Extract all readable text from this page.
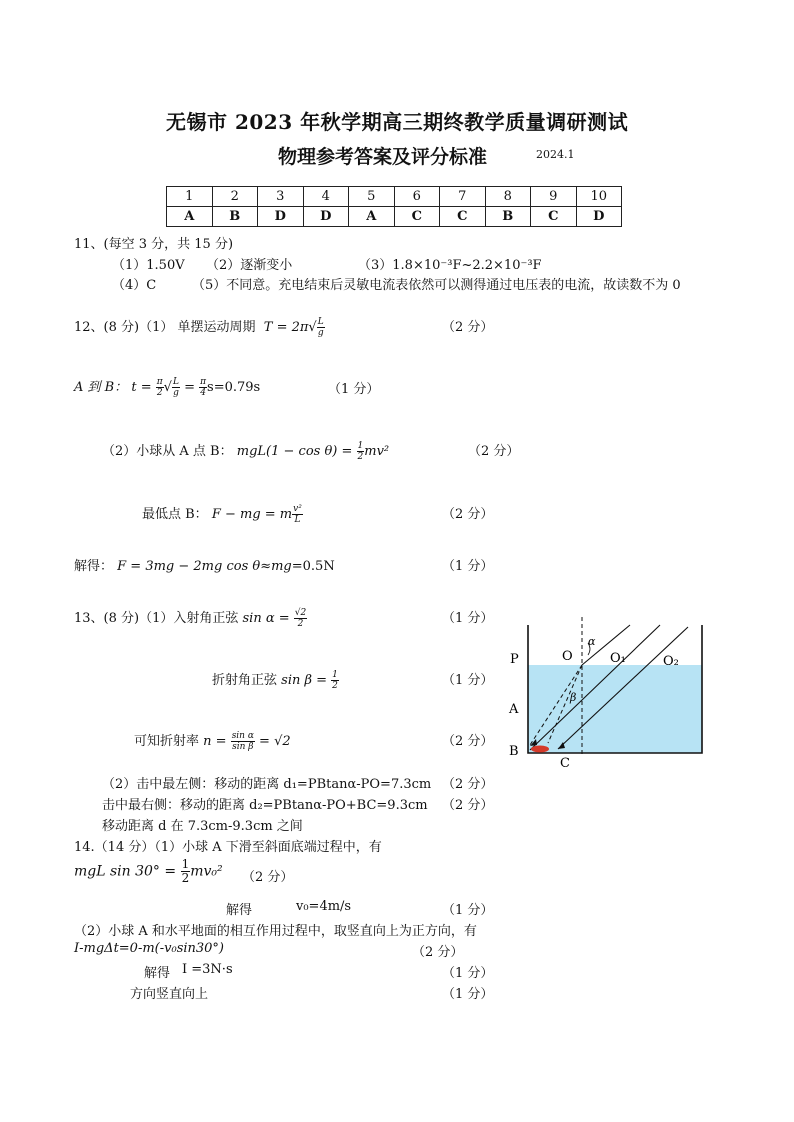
无锡市 2023 年秋学期高三期终教学质量调研测试
物理参考答案及评分标准	2024.1
1	2	3	4	5	6	7	8	9	10
A	B	D	D	A	C	C	B	C	D
11、(每空 3 分，共 15 分)
（1）1.50V （2）逐渐变小	（3）1.8×10⁻³F~2.2×10⁻³F
（4）C	（5）不同意。充电结束后灵敏电流表依然可以测得通过电压表的电流，故读数不为 0
12、(8 分)（1） 单摆运动周期  $T = 2\pi√ \frac{L}{g}$	（2 分）
A 到 B： $t = \frac{\pi}{2}$ √ $\frac{L}{g} = \frac{\pi}{4} s=0.79s$	（1 分）
（2）小球从 A 点 B： $mgL(1 - \cos \theta) = \frac{1}{2} mv^2$	（2 分）
最低点 B： F − mg = m $\frac{\text{v²}}{L}$	（2 分）
解得： F = 3mg − 2mg cos θ≈mg=0.5N	（1 分）
13、(8 分)（1）入射角正弦 $\sin \alpha = \frac{√2}{2}$	（1 分）
折射角正弦 $\sin \beta = \frac{1}{2}$	（1 分）
可知折射率 $n = \frac{\text{sin α}}{\text{sin β}} = √2$	（2 分）
（2）击中最左侧：移动的距离 d₁=PBtanα-PO=7.3cm （2 分）
击中最右侧：移动的距离 d₂=PBtanα-PO+BC=9.3cm （2 分）
移动距离 d 在 7.3cm-9.3cm 之间
P	O	O₁	O₂
A
B
C
α
β
14.（14 分）（1）小球 A 下滑至斜面底端过程中，有
mgL $\sin 30^\circ = \frac{1}{2} mv_0^2$ （2 分）
解得	v₀=4m/s	（1 分）
（2）小球 A 和水平地面的相互作用过程中，取竖直向上为正方向，有
I-mgΔt=0-m(-v₀sin30°)	（2 分）
解得 I =3N·s	（1 分）
方向竖直向上	（1 分）
